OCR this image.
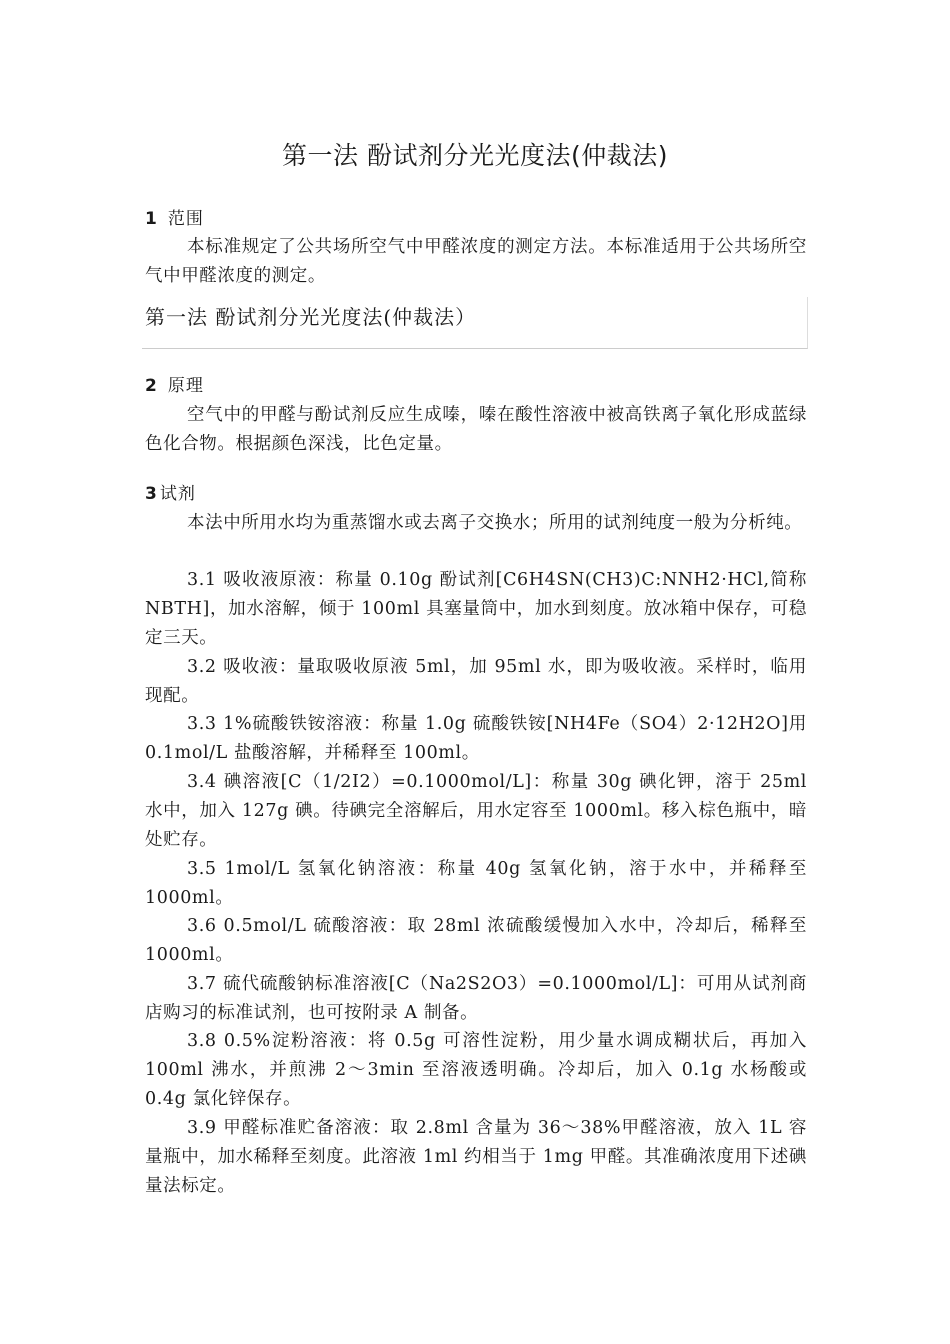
第一法 酚试剂分光光度法(仲裁法)
1 范围

本标准规定了公共场所空气中甲醛浓度的测定方法。本标准适用于公共场所空气中甲醛浓度的测定。

第一法 酚试剂分光光度法(仲裁法）
2 原理

空气中的甲醛与酚试剂反应生成嗪，嗪在酸性溶液中被高铁离子氧化形成蓝绿色化合物。根据颜色深浅，比色定量。

3 试剂

本法中所用水均为重蒸馏水或去离子交换水；所用的试剂纯度一般为分析纯。

3.1 吸收液原液：称量 0.10g 酚试剂[C6H4SN(CH3)C:NNH2·HCl,简称NBTH]，加水溶解，倾于 100ml 具塞量筒中，加水到刻度。放冰箱中保存，可稳定三天。

3.2 吸收液：量取吸收原液 5ml，加 95ml 水，即为吸收液。采样时，临用现配。

3.3 1%硫酸铁铵溶液：称量 1.0g 硫酸铁铵[NH4Fe（SO4）2·12H2O]用 0.1mol/L 盐酸溶解，并稀释至 100ml。

3.4 碘溶液[C（1/2I2）=0.1000mol/L]：称量 30g 碘化钾，溶于 25ml 水中，加入 127g 碘。待碘完全溶解后，用水定容至 1000ml。移入棕色瓶中，暗处贮存。

3.5 1mol/L 氢氧化钠溶液：称量 40g 氢氧化钠，溶于水中，并稀释至 1000ml。

3.6 0.5mol/L 硫酸溶液：取 28ml 浓硫酸缓慢加入水中，冷却后，稀释至 1000ml。

3.7 硫代硫酸钠标准溶液[C（Na2S2O3）=0.1000mol/L]：可用从试剂商店购习的标准试剂，也可按附录 A 制备。

3.8 0.5%淀粉溶液：将 0.5g 可溶性淀粉，用少量水调成糊状后，再加入 100ml 沸水，并煎沸 2～3min 至溶液透明确。冷却后，加入 0.1g 水杨酸或 0.4g 氯化锌保存。

3.9 甲醛标准贮备溶液：取 2.8ml 含量为 36～38%甲醛溶液，放入 1L 容量瓶中，加水稀释至刻度。此溶液 1ml 约相当于 1mg 甲醛。其准确浓度用下述碘量法标定。
